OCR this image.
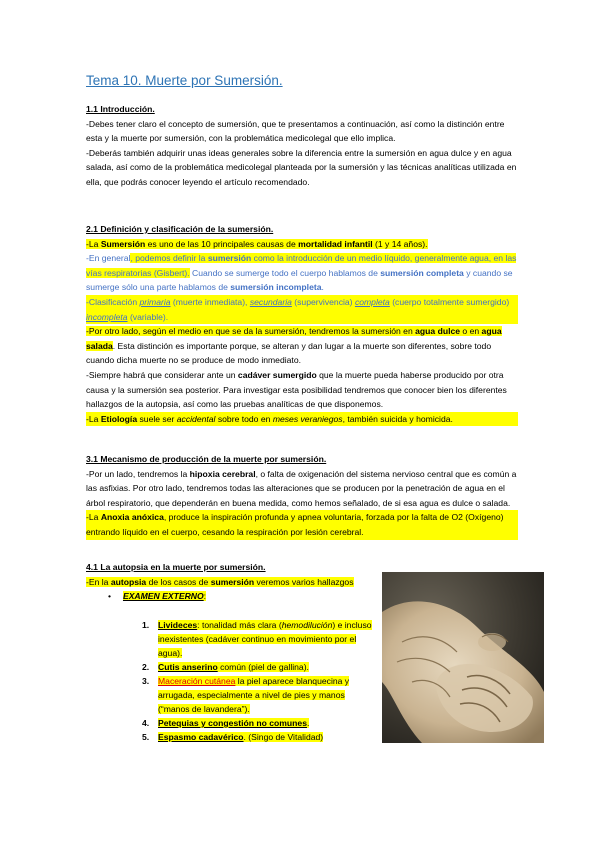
Tema 10. Muerte por Sumersión.

1.1 Introducción.

-Debes tener claro el concepto de sumersión, que te presentamos a continuación, así como la distinción entre esta y la muerte por sumersión, con la problemática medicolegal que ello implica.

-Deberás también adquirir unas ideas generales sobre la diferencia entre la sumersión en agua dulce y en agua salada, así como de la problemática medicolegal planteada por la sumersión y las técnicas analíticas utilizada en ella, que podrás conocer leyendo el artículo recomendado.

2.1 Definición y clasificación de la sumersión.

-La Sumersión es uno de las 10 principales causas de mortalidad infantil (1 y 14 años).

-En general, podemos definir la sumersión como la introducción de un medio líquido, generalmente agua, en las vías respiratorias (Gisbert). Cuando se sumerge todo el cuerpo hablamos de sumersión completa y cuando se sumerge sólo una parte hablamos de sumersión incompleta.

-Clasificación primaria (muerte inmediata), secundaria (supervivencia) completa (cuerpo totalmente sumergido) incompleta (variable).

-Por otro lado, según el medio en que se da la sumersión, tendremos la sumersión en agua dulce o en agua salada. Esta distinción es importante porque, se alteran y dan lugar a la muerte son diferentes, sobre todo cuando dicha muerte no se produce de modo inmediato.

-Siempre habrá que considerar ante un cadáver sumergido que la muerte pueda haberse producido por otra causa y la sumersión sea posterior. Para investigar esta posibilidad tendremos que conocer bien los diferentes hallazgos de la autopsia, así como las pruebas analíticas de que disponemos.

-La Etiología suele ser accidental sobre todo en meses veraniegos, también suicida y homicida.

3.1 Mecanismo de producción de la muerte por sumersión.

-Por un lado, tendremos la hipoxia cerebral, o falta de oxigenación del sistema nervioso central que es común a las asfixias. Por otro lado, tendremos todas las alteraciones que se producen por la penetración de agua en el árbol respiratorio, que dependerán en buena medida, como hemos señalado, de si esa agua es dulce o salada.

-La Anoxia anóxica, produce la inspiración profunda y apnea voluntaria, forzada por la falta de O2 (Oxígeno) entrando líquido en el cuerpo, cesando la respiración por lesión cerebral.

4.1 La autopsia en la muerte por sumersión.

-En la autopsia de los casos de sumersión veremos varios hallazgos

• EXAMEN EXTERNO:

1.	Livideces: tonalidad más clara (hemodilución) e incluso inexistentes (cadáver continuo en movimiento por el agua).
2.	Cutis anserino común (piel de gallina).
3.	Maceración cutánea la piel aparece blanquecina y arrugada, especialmente a nivel de pies y manos (“manos de lavandera”).
4.	Petequias y congestión no comunes.
5.	Espasmo cadavérico. (Singo de Vitalidad)
